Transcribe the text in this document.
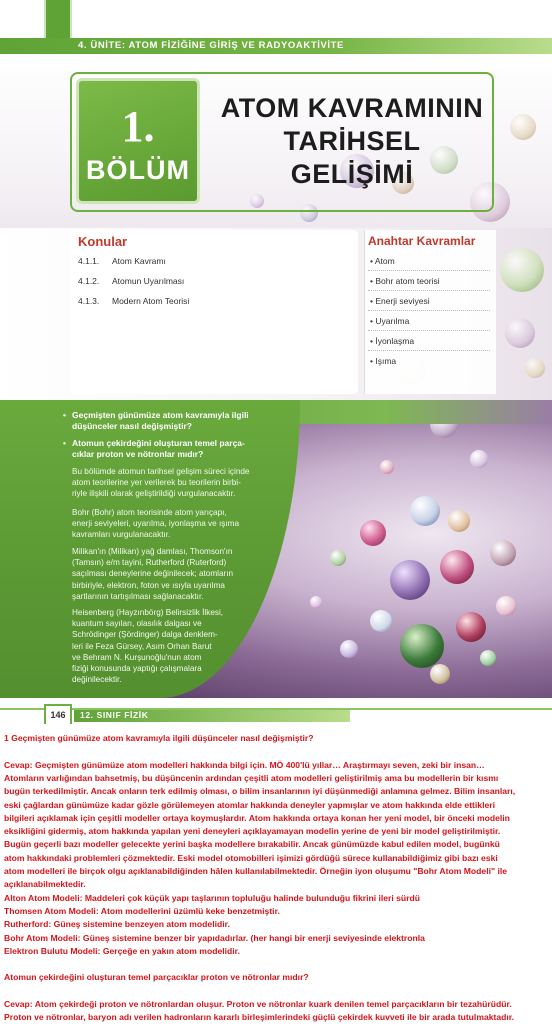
4. ÜNİTE: ATOM FİZİĞİNE GİRİŞ VE RADYOAKTİVİTE
1.
BÖLÜM
ATOM KAVRAMININ
TARİHSEL
GELİŞİMİ
Konular
4.1.1. Atom Kavramı
4.1.2. Atomun Uyarılması
4.1.3. Modern Atom Teorisi
Anahtar Kavramlar
• Atom
• Bohr atom teorisi
• Enerji seviyesi
• Uyarılma
• İyonlaşma
• Işıma
• Geçmişten günümüze atom kavramıyla ilgili
düşünceler nasıl değişmiştir?
• Atomun çekirdeğini oluşturan temel parça-
cıklar proton ve nötronlar mıdır?
Bu bölümde atomun tarihsel gelişim süreci içinde
atom teorilerine yer verilerek bu teorilerin birbi-
riyle ilişkili olarak geliştirildiği vurgulanacaktır.
Bohr (Bohr) atom teorisinde atom yarıçapı,
enerji seviyeleri, uyarılma, iyonlaşma ve ışıma
kavramları vurgulanacaktır.
Milikan'ın (Milikan) yağ damlası, Thomson'ın
(Tamsın) e/m tayini, Rutherford (Ruterford)
saçılması deneylerine değinilecek; atomların
birbiriyle, elektron, foton ve ısıyla uyarılma
şartlarının tartışılması sağlanacaktır.
Heisenberg (Hayzınbörg) Belirsizlik İlkesi,
kuantum sayıları, olasılık dalgası ve
Schrödinger (Şördinger) dalga denklem-
leri ile Feza Gürsey, Asım Orhan Barut
ve Behram N. Kurşunoğlu'nun atom
fiziği konusunda yaptığı çalışmalara
değinilecektir.
146	12. SINIF FİZİK
1 Geçmişten günümüze atom kavramıyla ilgili düşünceler nasıl değişmiştir?
Cevap: Geçmişten günümüze atom modelleri hakkında bilgi için. MÖ 400'lü yıllar… Araştırmayı seven, zeki bir insan…
Atomların varlığından bahsetmiş, bu düşüncenin ardından çeşitli atom modelleri geliştirilmiş ama bu modellerin bir kısmı
bugün terkedilmiştir. Ancak onların terk edilmiş olması, o bilim insanlarının iyi düşünmediği anlamına gelmez. Bilim insanları,
eski çağlardan günümüze kadar gözle görülemeyen atomlar hakkında deneyler yapmışlar ve atom hakkında elde ettikleri
bilgileri açıklamak için çeşitli modeller ortaya koymuşlardır. Atom hakkında ortaya konan her yeni model, bir önceki modelin
eksikliğini gidermiş, atom hakkında yapılan yeni deneyleri açıklayamayan modelin yerine de yeni bir model geliştirilmiştir.
Bugün geçerli bazı modeller gelecekte yerini başka modellere bırakabilir. Ancak günümüzde kabul edilen model, bugünkü
atom hakkındaki problemleri çözmektedir. Eski model otomobilleri işimizi gördüğü sürece kullanabildiğimiz gibi bazı eski
atom modelleri ile birçok olgu açıklanabildiğinden hâlen kullanılabilmektedir. Örneğin iyon oluşumu "Bohr Atom Modeli" ile
açıklanabilmektedir.
Alton Atom Modeli: Maddeleri çok küçük yapı taşlarının topluluğu halinde bulunduğu fikrini ileri sürdü
Thomsen Atom Modeli: Atom modellerini üzümlü keke benzetmiştir.
Rutherford: Güneş sistemine benzeyen atom modelidir.
Bohr Atom Modeli: Güneş sistemine benzer bir yapıdadırlar. (her hangi bir enerji seviyesinde elektronla
Elektron Bulutu Modeli: Gerçeğe en yakın atom modelidir.
Atomun çekirdeğini oluşturan temel parçacıklar proton ve nötronlar mıdır?
Cevap: Atom çekirdeği proton ve nötronlardan oluşur. Proton ve nötronlar kuark denilen temel parçacıkların bir tezahürüdür.
Proton ve nötronlar, baryon adı verilen hadronların kararlı birleşimlerindeki güçlü çekirdek kuvveti ile bir arada tutulmaktadır.
